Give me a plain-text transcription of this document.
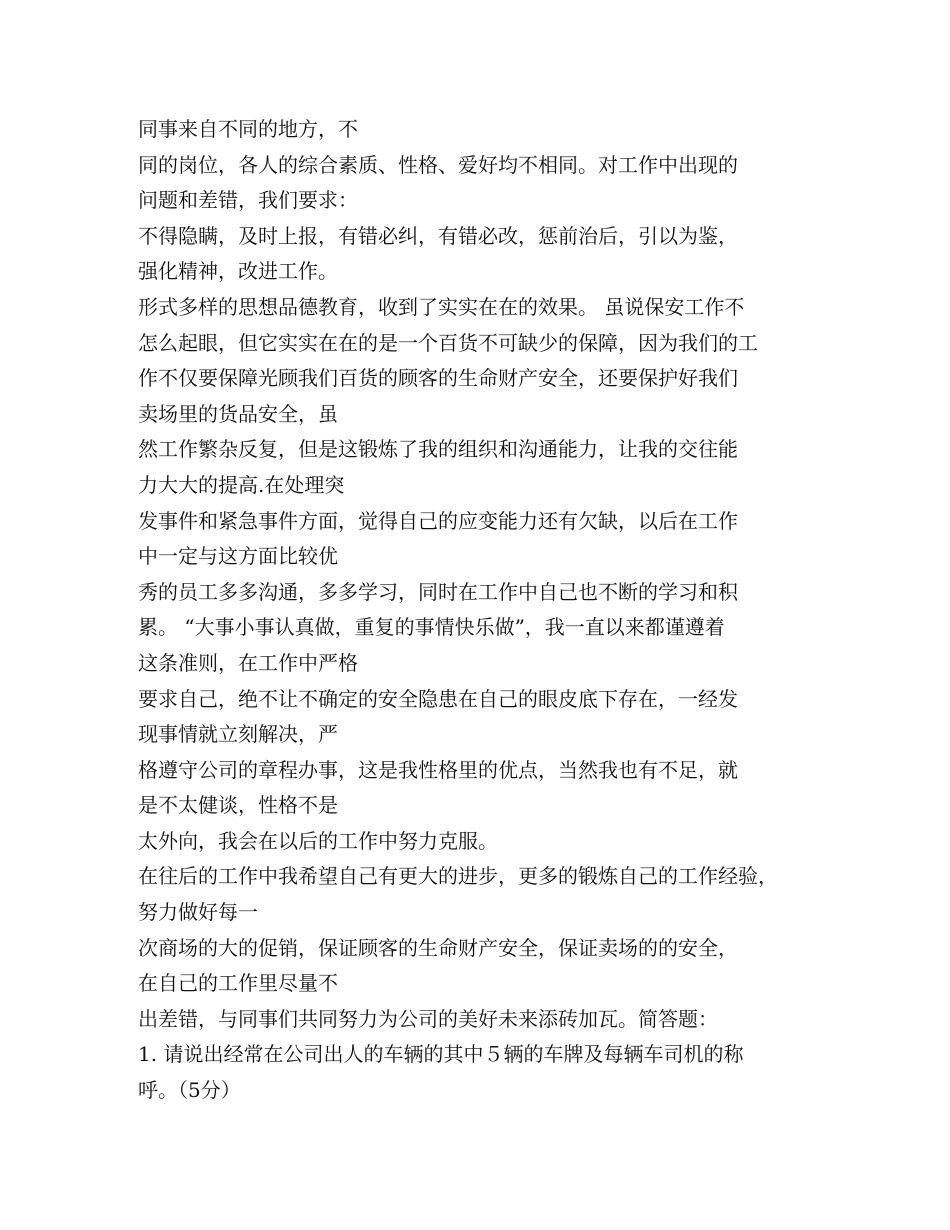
同事来自不同的地方，不
同的岗位，各人的综合素质、性格、爱好均不相同。对工作中出现的
问题和差错，我们要求：
不得隐瞒，及时上报，有错必纠，有错必改，惩前治后，引以为鉴，
强化精神，改进工作。
形式多样的思想品德教育，收到了实实在在的效果。 虽说保安工作不
怎么起眼，但它实实在在的是一个百货不可缺少的保障，因为我们的工
作不仅要保障光顾我们百货的顾客的生命财产安全，还要保护好我们
卖场里的货品安全，虽
然工作繁杂反复，但是这锻炼了我的组织和沟通能力，让我的交往能
力大大的提高.在处理突
发事件和紧急事件方面，觉得自己的应变能力还有欠缺，以后在工作
中一定与这方面比较优
秀的员工多多沟通，多多学习，同时在工作中自己也不断的学习和积
累。 “大事小事认真做，重复的事情快乐做”，我一直以来都谨遵着
这条准则，在工作中严格
要求自己，绝不让不确定的安全隐患在自己的眼皮底下存在，一经发
现事情就立刻解决，严
格遵守公司的章程办事，这是我性格里的优点，当然我也有不足，就
是不太健谈，性格不是
太外向，我会在以后的工作中努力克服。
在往后的工作中我希望自己有更大的进步，更多的锻炼自己的工作经验，
努力做好每一
次商场的大的促销，保证顾客的生命财产安全，保证卖场的的安全，
在自己的工作里尽量不
出差错，与同事们共同努力为公司的美好未来添砖加瓦。简答题：
1. 请说出经常在公司出人的车辆的其中５辆的车牌及每辆车司机的称
呼。（5分）
